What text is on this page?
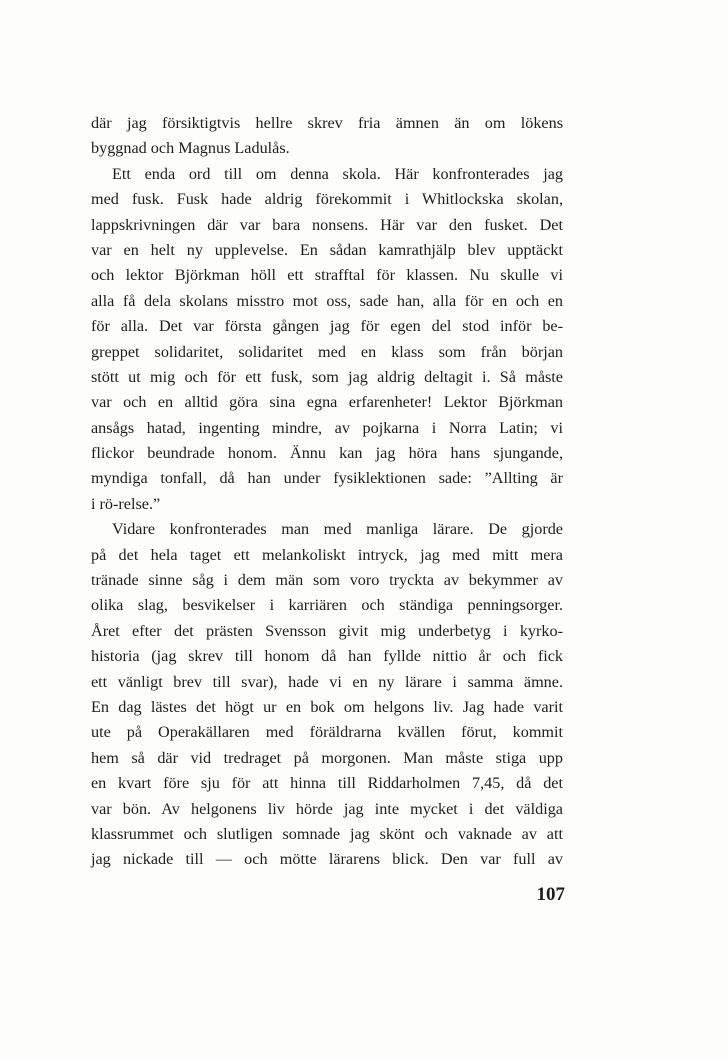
där jag försiktigtvis hellre skrev fria ämnen än om lökens
byggnad och Magnus Ladulås.
Ett enda ord till om denna skola. Här konfronterades jag
med fusk. Fusk hade aldrig förekommit i Whitlockska skolan,
lappskrivningen där var bara nonsens. Här var den fusket. Det
var en helt ny upplevelse. En sådan kamrathjälp blev upptäckt
och lektor Björkman höll ett strafftal för klassen. Nu skulle vi
alla få dela skolans misstro mot oss, sade han, alla för en och en
för alla. Det var första gången jag för egen del stod inför be-
greppet solidaritet, solidaritet med en klass som från början
stött ut mig och för ett fusk, som jag aldrig deltagit i. Så måste
var och en alltid göra sina egna erfarenheter! Lektor Björkman
ansågs hatad, ingenting mindre, av pojkarna i Norra Latin; vi
flickor beundrade honom. Ännu kan jag höra hans sjungande,
myndiga tonfall, då han under fysiklektionen sade: ”Allting är
i rö-relse.”
Vidare konfronterades man med manliga lärare. De gjorde
på det hela taget ett melankoliskt intryck, jag med mitt mera
tränade sinne såg i dem män som voro tryckta av bekymmer av
olika slag, besvikelser i karriären och ständiga penningsorger.
Året efter det prästen Svensson givit mig underbetyg i kyrko-
historia (jag skrev till honom då han fyllde nittio år och fick
ett vänligt brev till svar), hade vi en ny lärare i samma ämne.
En dag lästes det högt ur en bok om helgons liv. Jag hade varit
ute på Operakällaren med föräldrarna kvällen förut, kommit
hem så där vid tredraget på morgonen. Man måste stiga upp
en kvart före sju för att hinna till Riddarholmen 7,45, då det
var bön. Av helgonens liv hörde jag inte mycket i det väldiga
klassrummet och slutligen somnade jag skönt och vaknade av att
jag nickade till — och mötte lärarens blick. Den var full av
107
